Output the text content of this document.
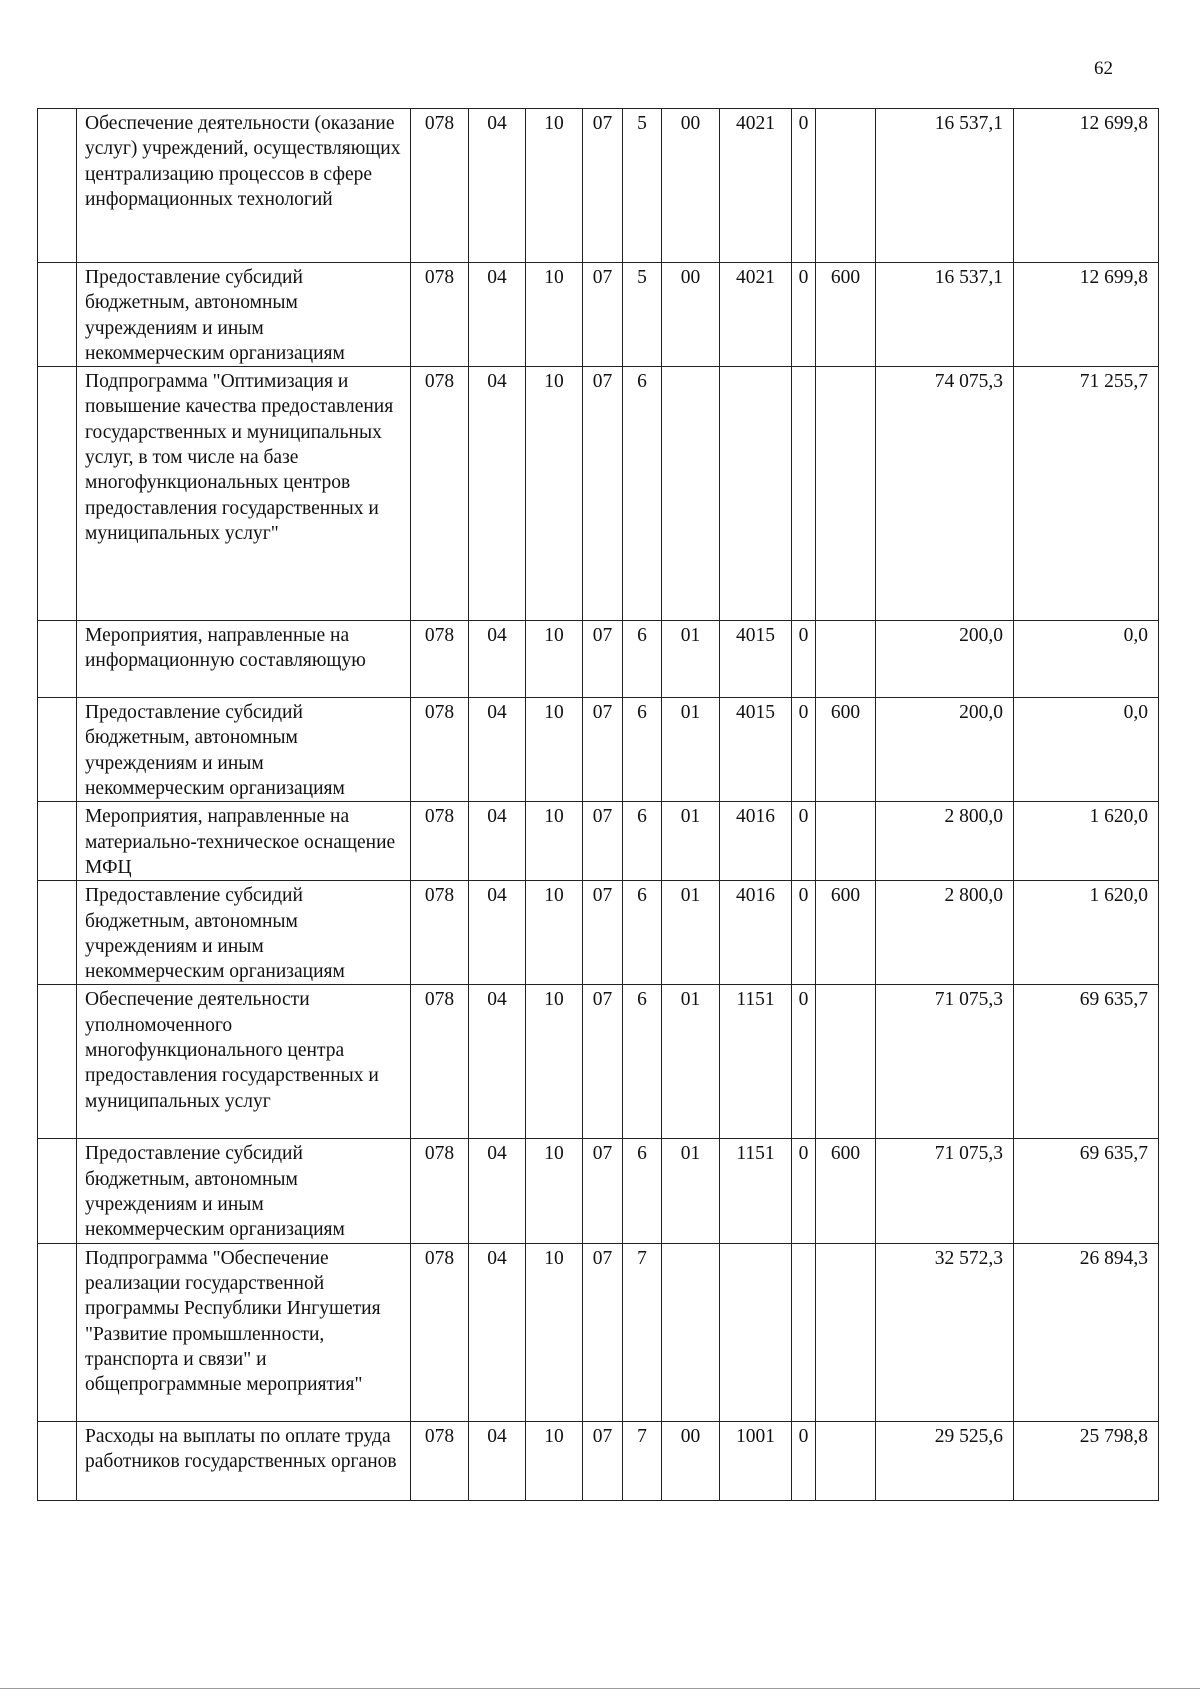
62
	Обеспечение деятельности (оказание услуг) учреждений, осуществляющих централизацию процессов в сфере информационных технологий	078	04	10	07	5	00	4021	0		16 537,1	12 699,8
	Предоставление субсидий бюджетным, автономным учреждениям и иным некоммерческим организациям	078	04	10	07	5	00	4021	0	600	16 537,1	12 699,8
	Подпрограмма "Оптимизация и повышение качества предоставления государственных и муниципальных услуг, в том числе на базе многофункциональных центров предоставления государственных и муниципальных услуг"	078	04	10	07	6					74 075,3	71 255,7
	Мероприятия, направленные на информационную составляющую	078	04	10	07	6	01	4015	0		200,0	0,0
	Предоставление субсидий бюджетным, автономным учреждениям и иным некоммерческим организациям	078	04	10	07	6	01	4015	0	600	200,0	0,0
	Мероприятия, направленные на материально-техническое оснащение МФЦ	078	04	10	07	6	01	4016	0		2 800,0	1 620,0
	Предоставление субсидий бюджетным, автономным учреждениям и иным некоммерческим организациям	078	04	10	07	6	01	4016	0	600	2 800,0	1 620,0
	Обеспечение деятельности уполномоченного многофункционального центра предоставления государственных и муниципальных услуг	078	04	10	07	6	01	1151	0		71 075,3	69 635,7
	Предоставление субсидий бюджетным, автономным учреждениям и иным некоммерческим организациям	078	04	10	07	6	01	1151	0	600	71 075,3	69 635,7
	Подпрограмма "Обеспечение реализации государственной программы Республики Ингушетия "Развитие промышленности, транспорта и связи" и общепрограммные мероприятия"	078	04	10	07	7					32 572,3	26 894,3
	Расходы на выплаты по оплате труда работников государственных органов	078	04	10	07	7	00	1001	0		29 525,6	25 798,8
